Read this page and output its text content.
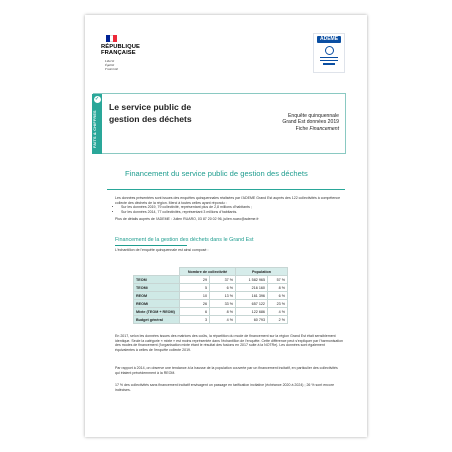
RÉPUBLIQUE
FRANÇAISE
Liberté
Égalité
Fraternité
ADEME
✓
FAITS & CHIFFRES
Le service public de gestion des déchets	Enquête quinquennale
Grand Est données 2019
Fiche Financement
Financement du service public de gestion des déchets

Les données présentées sont issues des enquêtes quinquennales réalisées par l'ADEME Grand Est auprès des 122 collectivités à compétence collecte des déchets de la région. Merci à toutes celles ayant répondu :

• Sur les données 2019, 79 collectivité, représentant plus de 2,8 millions d'habitants ;
• Sur les données 2014, 77 collectivités, représentant 3 millions d'habitants.

Plus de détails auprès de l'ADEME : Julien RUARO, 03 87 20 02 96, julien.ruaro@ademe.fr

Financement de la gestion des déchets dans le Grand Est
L'échantillon de l'enquête quinquennale est ainsi composé :
	Nombre de collectivité		Population	
TEOM	29	37 %	1 582 965	57 %
TEOMi	5	6 %	216 160	8 %
REOM	10	13 %	161 396	6 %
REOMi	26	33 %	657 122	23 %
Mixte (TEOM + REOM)	6	8 %	122 686	4 %
Budget général	3	4 %	60 793	2 %
En 2017, selon les données issues des matrices des coûts, la répartition du mode de financement sur la région Grand Est était sensiblement identique. Seule la catégorie « mixte » est moins représentée dans l'échantillon de l'enquête. Cette différence peut s'expliquer par l'harmonisation des modes de financement (l'organisation mixte étant le résultat des fusions en 2017 suite à la NOTRe). Les données sont également équivalentes à celles de l'enquête collecte 2019.
Par rapport à 2014, on observe une tendance à la hausse de la population couverte par un financement incitatif, en particulier des collectivités qui étaient précédemment à la REOM.
17 % des collectivités sans financement incitatif envisagent un passage en tarification incitative (échéance 2020 à 2024) ; 26 % sont encore indécises.
